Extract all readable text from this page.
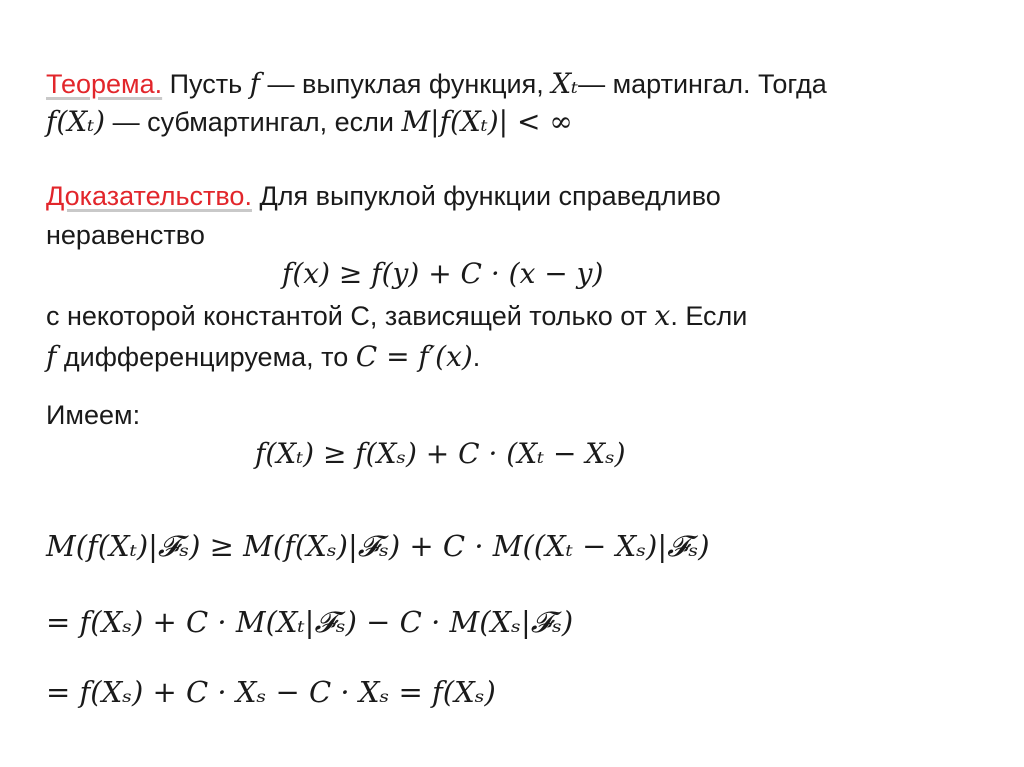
Теорема. Пусть f — выпуклая функция, Xₜ— мартингал. Тогда
f(Xₜ) — субмартингал, если M|f(Xₜ)| < ∞
Доказательство. Для выпуклой функции справедливо
неравенство
f(x) ≥ f(y) + C · (x − y)
с некоторой константой С, зависящей только от x. Если
f дифференцируема, то C = f′(x).
Имеем:
f(Xₜ) ≥ f(Xₛ) + C · (Xₜ − Xₛ)
M(f(Xₜ)|𝓕ₛ) ≥ M(f(Xₛ)|𝓕ₛ) + C · M((Xₜ − Xₛ)|𝓕ₛ)
= f(Xₛ) + C · M(Xₜ|𝓕ₛ) − C · M(Xₛ|𝓕ₛ)
= f(Xₛ) + C · Xₛ − C · Xₛ = f(Xₛ)
